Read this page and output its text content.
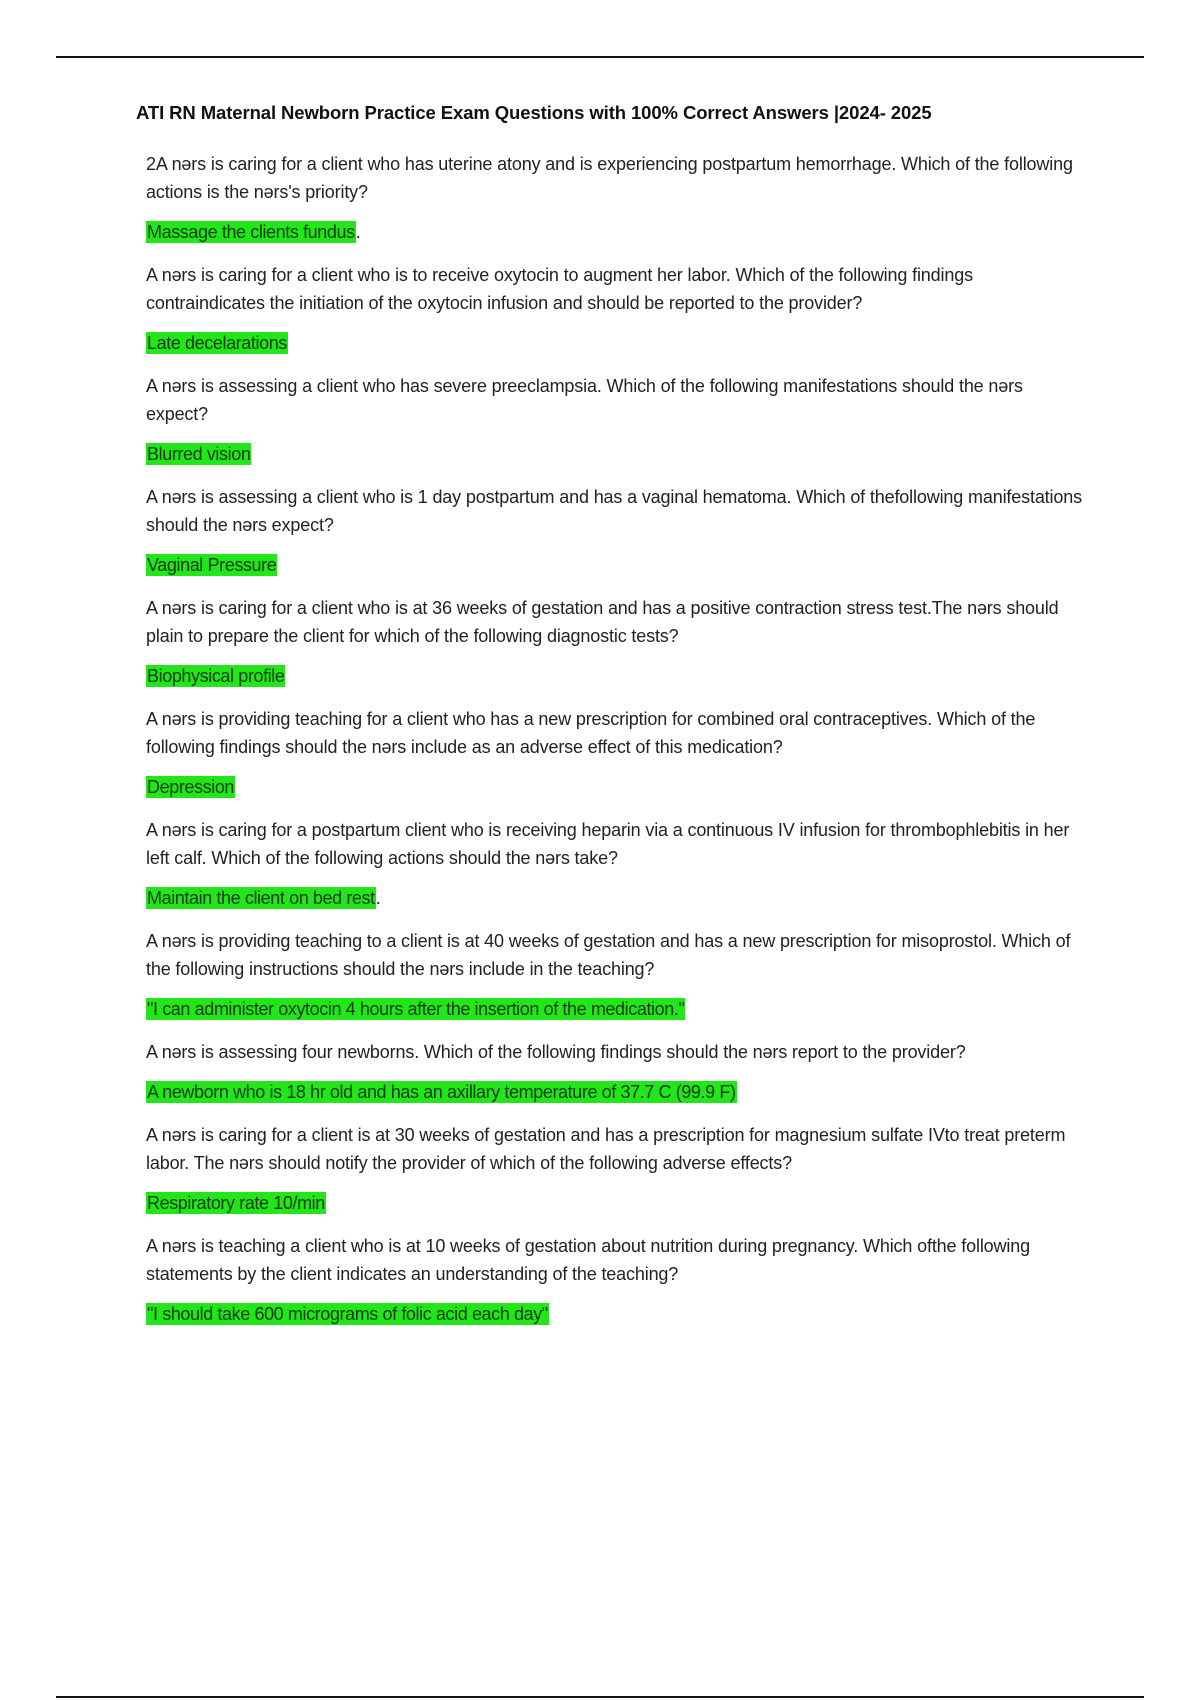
ATI RN Maternal Newborn Practice Exam Questions with 100% Correct Answers |2024- 2025

2A nərs is caring for a client who has uterine atony and is experiencing postpartum hemorrhage. Which of the following actions is the nərs's priority?

Massage the clients fundus.

A nərs is caring for a client who is to receive oxytocin to augment her labor. Which of the following findings contraindicates the initiation of the oxytocin infusion and should be reported to the provider?

Late decelarations

A nərs is assessing a client who has severe preeclampsia. Which of the following manifestations should the nərs expect?

Blurred vision

A nərs is assessing a client who is 1 day postpartum and has a vaginal hematoma. Which of thefollowing manifestations should the nərs expect?

Vaginal Pressure

A nərs is caring for a client who is at 36 weeks of gestation and has a positive contraction stress test.The nərs should plain to prepare the client for which of the following diagnostic tests?

Biophysical profile

A nərs is providing teaching for a client who has a new prescription for combined oral contraceptives. Which of the following findings should the nərs include as an adverse effect of this medication?

Depression

A nərs is caring for a postpartum client who is receiving heparin via a continuous IV infusion for thrombophlebitis in her left calf. Which of the following actions should the nərs take?

Maintain the client on bed rest.

A nərs is providing teaching to a client is at 40 weeks of gestation and has a new prescription for misoprostol. Which of the following instructions should the nərs include in the teaching?

"I can administer oxytocin 4 hours after the insertion of the medication."

A nərs is assessing four newborns. Which of the following findings should the nərs report to the provider?

A newborn who is 18 hr old and has an axillary temperature of 37.7 C (99.9 F)

A nərs is caring for a client is at 30 weeks of gestation and has a prescription for magnesium sulfate IVto treat preterm labor. The nərs should notify the provider of which of the following adverse effects?

Respiratory rate 10/min

A nərs is teaching a client who is at 10 weeks of gestation about nutrition during pregnancy. Which ofthe following statements by the client indicates an understanding of the teaching?

"I should take 600 micrograms of folic acid each day"
